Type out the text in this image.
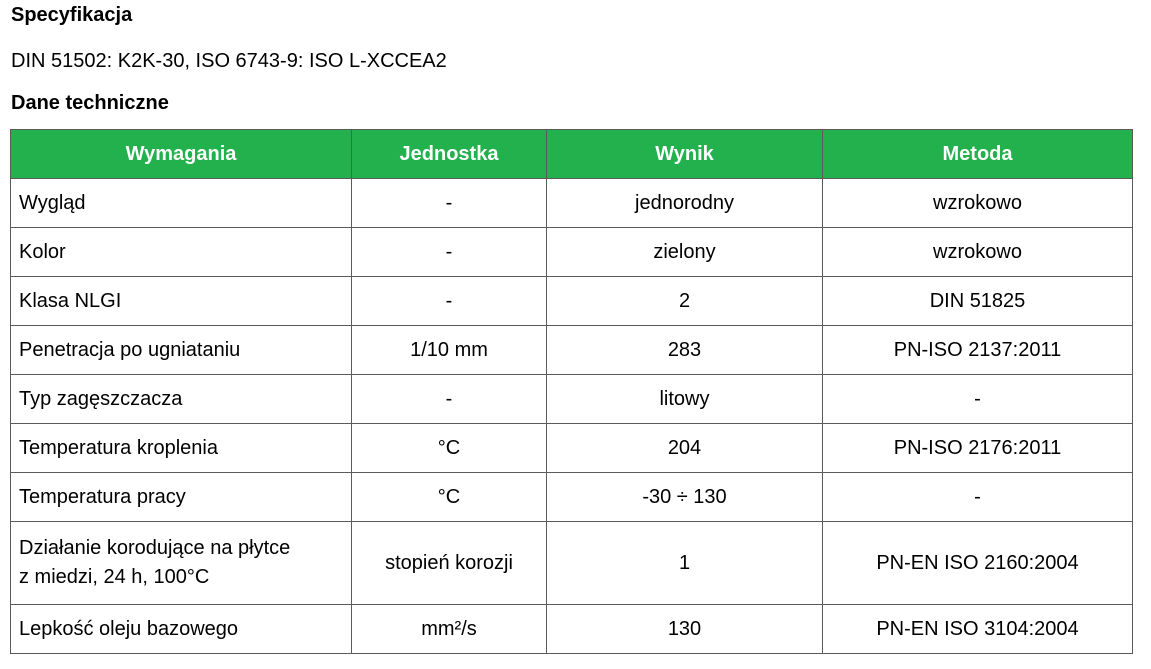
Specyfikacja

DIN 51502: K2K-30, ISO 6743-9: ISO L-XCCEA2

Dane techniczne

Wymagania	Jednostka	Wynik	Metoda
Wygląd	-	jednorodny	wzrokowo
Kolor	-	zielony	wzrokowo
Klasa NLGI	-	2	DIN 51825
Penetracja po ugniataniu	1/10 mm	283	PN-ISO 2137:2011
Typ zagęszczacza	-	litowy	-
Temperatura kroplenia	°C	204	PN-ISO 2176:2011
Temperatura pracy	°C	-30 ÷ 130	-
Działanie korodujące na płytce
z miedzi, 24 h, 100°C	stopień korozji	1	PN-EN ISO 2160:2004
Lepkość oleju bazowego	mm²/s	130	PN-EN ISO 3104:2004
